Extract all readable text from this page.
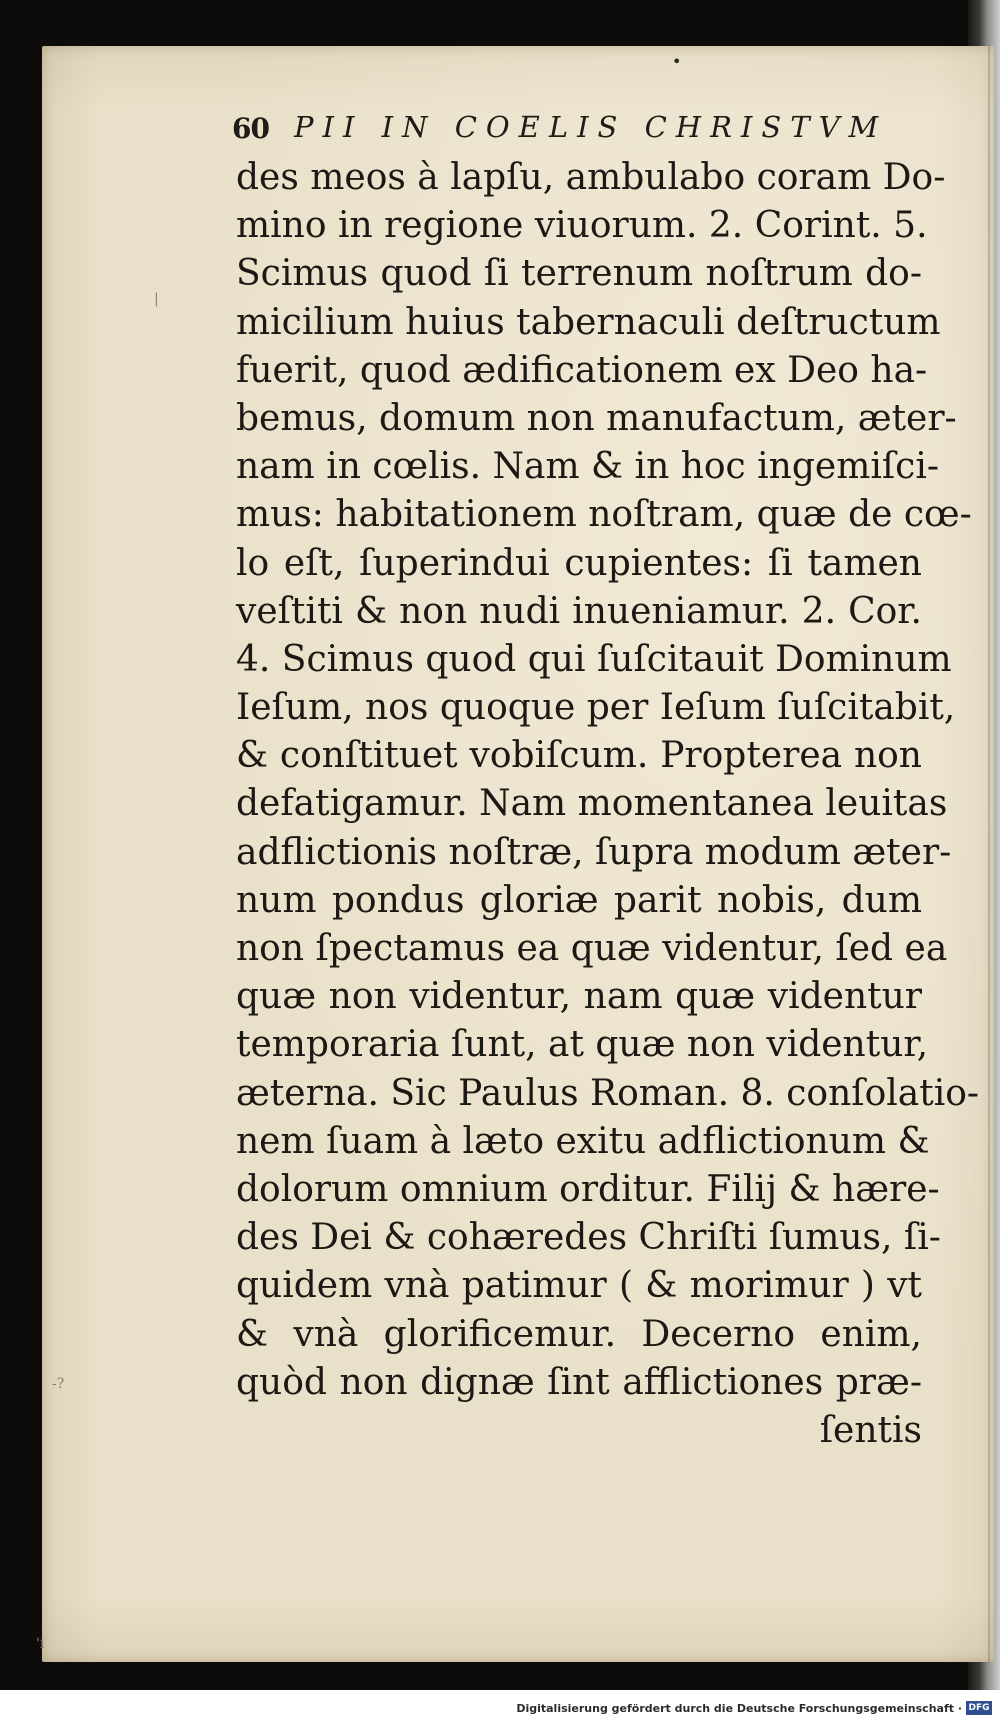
•
60 PII IN COELIS CHRISTVM
|
-?
'i
des meos à lapſu, ambulabo coram Do-
mino in regione viuorum. 2. Corint. 5.
Scimus quod ſi terrenum noſtrum do-
micilium huius tabernaculi deſtructum
fuerit, quod ædificationem ex Deo ha-
bemus, domum non manufactum, æter-
nam in cœlis. Nam & in hoc ingemiſci-
mus: habitationem noſtram, quæ de cœ-
lo eſt, ſuperindui cupientes: ſi tamen
veſtiti & non nudi inueniamur. 2. Cor.
4. Scimus quod qui ſuſcitauit Dominum
Ieſum, nos quoque per Ieſum ſuſcitabit,
& conſtituet vobiſcum. Propterea non
defatigamur. Nam momentanea leuitas
adflictionis noſtræ, ſupra modum æter-
num pondus gloriæ parit nobis, dum
non ſpectamus ea quæ videntur, ſed ea
quæ non videntur, nam quæ videntur
temporaria ſunt, at quæ non videntur,
æterna. Sic Paulus Roman. 8. conſolatio-
nem ſuam à læto exitu adflictionum &
dolorum omnium orditur. Filij & hære-
des Dei & cohæredes Chriſti ſumus, ſi-
quidem vnà patimur ( & morimur ) vt
& vnà glorificemur. Decerno enim,
quòd non dignæ ſint afflictiones præ-
ſentis
Digitalisierung gefördert durch die Deutsche Forschungsgemeinschaft · DFG
